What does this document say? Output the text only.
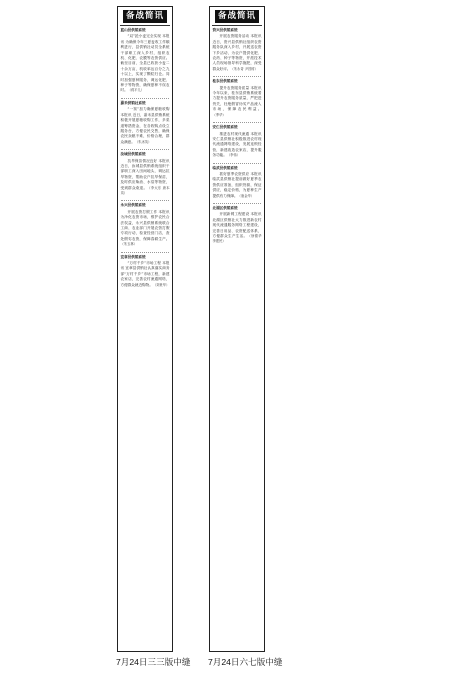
备战简讯

蓝山县供销系统

“双”抢小麦完全实现 本报讯 为确保今年三夏麦收工作顺利进行，县供销社动员全系统干部职工深入乡村，组织农机、化肥、农膜等农资供应。截至目前，全县已收获小麦二十余万亩，机收率达百分之九十以上，实现了颗粒归仓。同时加强夏种服务，调运化肥、种子等物资，确保夏种不误农时。（蒋平儿）

嘉禾供销社系统

“一窝”加力确保夏粮收购 本报讯 近日，嘉禾县供销系统积极开展夏粮收购工作，多渠道筹措资金，在各收购点设立服务台，方便农民交售，确保农民卖粮不难，价格合理，群众满意。（朱冰英）

汝城县供销系统

抗旱保苗情况良好 本报讯 近日，汝城县供销系统组织干部职工深入田间地头，调运抗旱物资，帮助农户抗旱保苗，及时供应柴油、水泵等物资，受到群众欢迎。（李大东 唐本岚）

永兴县供销系统

开展农资打假工作 本报讯 为净化农资市场，维护农民合法权益，永兴县供销系统联合工商、农业部门开展农资打假专项行动，检查经营门店，查处假劣农资，保障春耕生产。（朱玉林）

宜章县供销系统

“万村千乡”市场工程 本报讯 宜章县供销社认真落实商务部“万村千乡”市场工程，新建农家店，完善农村流通网络，方便群众就近购物。（刘贵华）

备战简讯

资兴县供销系统

开展农资服务活动 本报讯 近日，资兴县供销社组织农资服务队深入乡村，开展送农资下乡活动，为农户提供化肥、农药、种子等物资，并派技术人员现场指导科学施肥，深受群众好评。（朱永奇 尹昌树）

桂东县供销系统

提升农资服务质量 本报讯 今年以来，桂东县供销系统着力提升农资服务质量，严把进货关，杜绝假冒伪劣产品流入市场，保障农民利益。（季华）

安仁县供销系统

推进农村现代流通 本报讯 安仁县供销社积极推进农村现代流通网络建设，发展连锁经营，新建改造农家店，提升服务功能。（李伟）

临武县供销系统

抓好夏季农资供应 本报讯 临武县供销社提前做好夏季农资供应准备，组织货源，保证供应，稳定价格，为夏种生产提供有力保障。（唐金华）

北湖区供销系统

开展新网工程建设 本报讯 北湖区供销社大力推进新农村现代流通服务网络工程建设，完善日用品、农资配送体系，方便群众生产生活。（徐德华 李建民）

7月24日三三版中缝 7月24日六七版中缝
